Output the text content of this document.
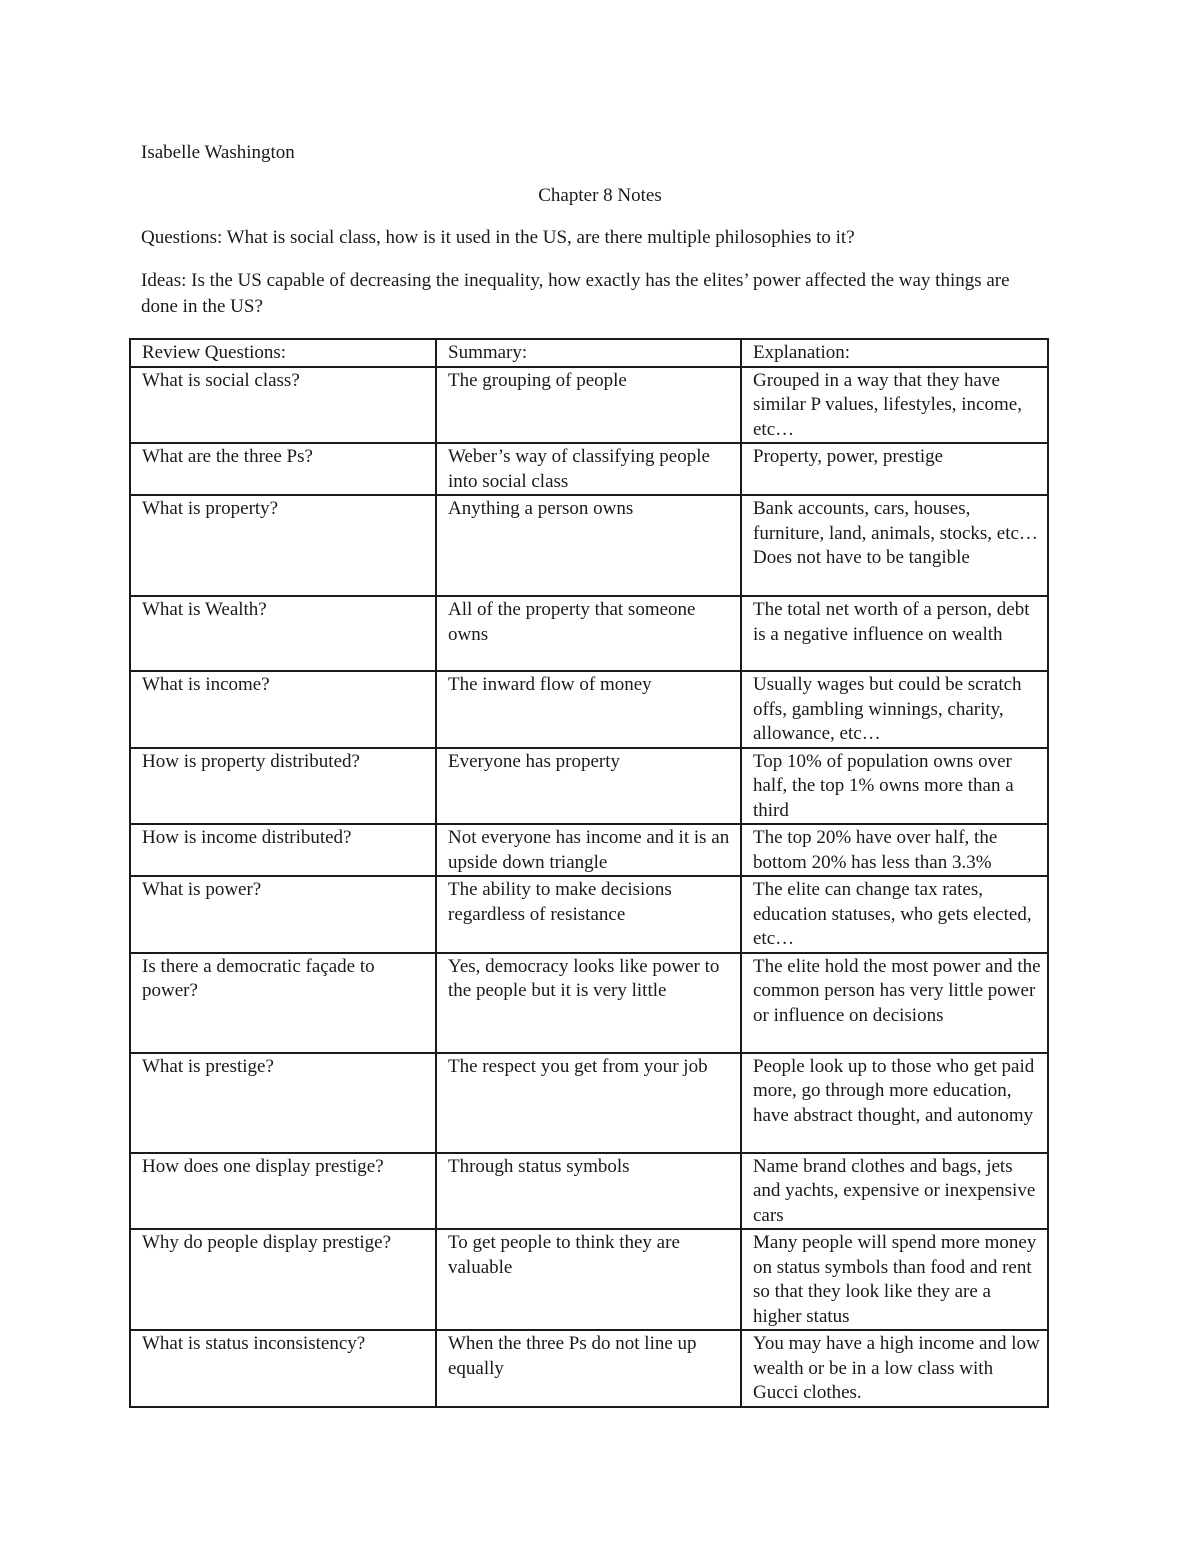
Isabelle Washington
Chapter 8 Notes
Questions: What is social class, how is it used in the US, are there multiple philosophies to it?
Ideas: Is the US capable of decreasing the inequality, how exactly has the elites’ power affected the way things are done in the US?
Review Questions:	Summary:	Explanation:
What is social class?	The grouping of people	Grouped in a way that they have similar P values, lifestyles, income, etc…
What are the three Ps?	Weber’s way of classifying people into social class	Property, power, prestige
What is property?	Anything a person owns	Bank accounts, cars, houses, furniture, land, animals, stocks, etc… Does not have to be tangible
What is Wealth?	All of the property that someone owns	The total net worth of a person, debt is a negative influence on wealth
What is income?	The inward flow of money	Usually wages but could be scratch offs, gambling winnings, charity, allowance, etc…
How is property distributed?	Everyone has property	Top 10% of population owns over half, the top 1% owns more than a third
How is income distributed?	Not everyone has income and it is an upside down triangle	The top 20% have over half, the bottom 20% has less than 3.3%
What is power?	The ability to make decisions regardless of resistance	The elite can change tax rates, education statuses, who gets elected, etc…
Is there a democratic façade to power?	Yes, democracy looks like power to the people but it is very little	The elite hold the most power and the common person has very little power or influence on decisions
What is prestige?	The respect you get from your job	People look up to those who get paid more, go through more education, have abstract thought, and autonomy
How does one display prestige?	Through status symbols	Name brand clothes and bags, jets and yachts, expensive or inexpensive cars
Why do people display prestige?	To get people to think they are valuable	Many people will spend more money on status symbols than food and rent so that they look like they are a higher status
What is status inconsistency?	When the three Ps do not line up equally	You may have a high income and low wealth or be in a low class with Gucci clothes.
